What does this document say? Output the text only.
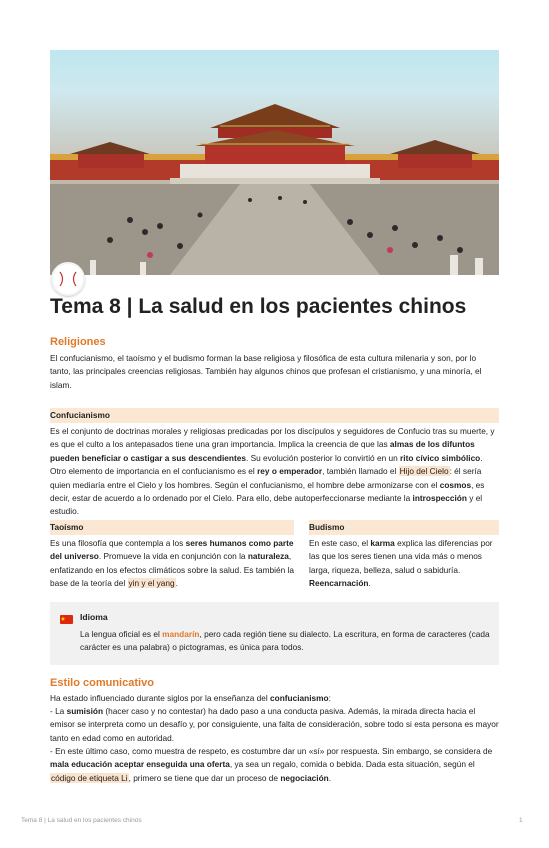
Tema 8 | La salud en los pacientes chinos
Religiones

El confucianismo, el taoísmo y el budismo forman la base religiosa y filosófica de esta cultura milenaria y son, por lo tanto, las principales creencias religiosas. También hay algunos chinos que profesan el cristianismo, y una minoría, el islam.

Confucianismo

Es el conjunto de doctrinas morales y religiosas predicadas por los discípulos y seguidores de Confucio tras su muerte, y es que el culto a los antepasados tiene una gran importancia. Implica la creencia de que las almas de los difuntos pueden beneficiar o castigar a sus descendientes. Su evolución posterior lo convirtió en un rito cívico simbólico. Otro elemento de importancia en el confucianismo es el rey o emperador, también llamado el Hijo del Cielo: él sería quien mediaría entre el Cielo y los hombres. Según el confucianismo, el hombre debe armonizarse con el cosmos, es decir, estar de acuerdo a lo ordenado por el Cielo. Para ello, debe autoperfeccionarse mediante la introspección y el estudio.

Taoísmo

Es una filosofía que contempla a los seres humanos como parte del universo. Promueve la vida en conjunción con la naturaleza, enfatizando en los efectos climáticos sobre la salud. Es también la base de la teoría del yin y el yang.

Budismo

En este caso, el karma explica las diferencias por las que los seres tienen una vida más o menos larga, riqueza, belleza, salud o sabiduría. Reencarnación.

Idioma
La lengua oficial es el mandarín, pero cada región tiene su dialecto. La escritura, en forma de caracteres (cada carácter es una palabra) o pictogramas, es única para todos.
Estilo comunicativo

Ha estado influenciado durante siglos por la enseñanza del confucianismo:

- La sumisión (hacer caso y no contestar) ha dado paso a una conducta pasiva. Además, la mirada directa hacia el emisor se interpreta como un desafío y, por consiguiente, una falta de consideración, sobre todo si esta persona es mayor tanto en edad como en autoridad.

- En este último caso, como muestra de respeto, es costumbre dar un «sí» por respuesta. Sin embargo, se considera de mala educación aceptar enseguida una oferta, ya sea un regalo, comida o bebida. Dada esta situación, según el código de etiqueta Li, primero se tiene que dar un proceso de negociación.

Tema 8 | La salud en los pacientes chinos	1
